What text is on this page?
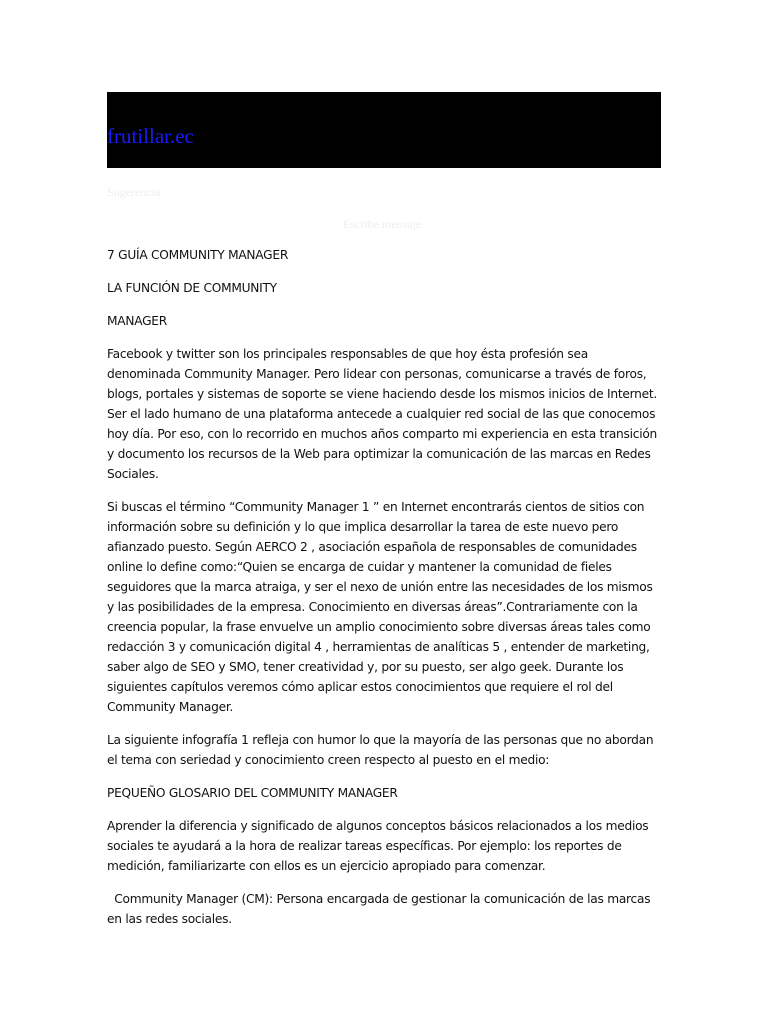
frutillar.ec
Sugerencia
Escribe mensaje

7 GUÍA COMMUNITY MANAGER

LA FUNCIÓN DE COMMUNITY

MANAGER

Facebook y twitter son los principales responsables de que hoy ésta profesión sea denominada Community Manager. Pero lidear con personas, comunicarse a través de foros, blogs, portales y sistemas de soporte se viene haciendo desde los mismos inicios de Internet. Ser el lado humano de una plataforma antecede a cualquier red social de las que conocemos hoy día. Por eso, con lo recorrido en muchos años comparto mi experiencia en esta transición y documento los recursos de la Web para optimizar la comunicación de las marcas en Redes Sociales.

Si buscas el término “Community Manager 1 ” en Internet encontrarás cientos de sitios con información sobre su definición y lo que implica desarrollar la tarea de este nuevo pero afianzado puesto. Según AERCO 2 , asociación española de responsables de comunidades online lo define como:“Quien se encarga de cuidar y mantener la comunidad de fieles seguidores que la marca atraiga, y ser el nexo de unión entre las necesidades de los mismos y las posibilidades de la empresa. Conocimiento en diversas áreas”.Contrariamente con la creencia popular, la frase envuelve un amplio conocimiento sobre diversas áreas tales como redacción 3 y comunicación digital 4 , herramientas de analíticas 5 , entender de marketing, saber algo de SEO y SMO, tener creatividad y, por su puesto, ser algo geek. Durante los siguientes capítulos veremos cómo aplicar estos conocimientos que requiere el rol del Community Manager.

La siguiente infografía 1 refleja con humor lo que la mayoría de las personas que no abordan el tema con seriedad y conocimiento creen respecto al puesto en el medio:

PEQUEÑO GLOSARIO DEL COMMUNITY MANAGER

Aprender la diferencia y significado de algunos conceptos básicos relacionados a los medios sociales te ayudará a la hora de realizar tareas específicas. Por ejemplo: los reportes de medición, familiarizarte con ellos es un ejercicio apropiado para comenzar.

Community Manager (CM): Persona encargada de gestionar la comunicación de las marcas en las redes sociales.
